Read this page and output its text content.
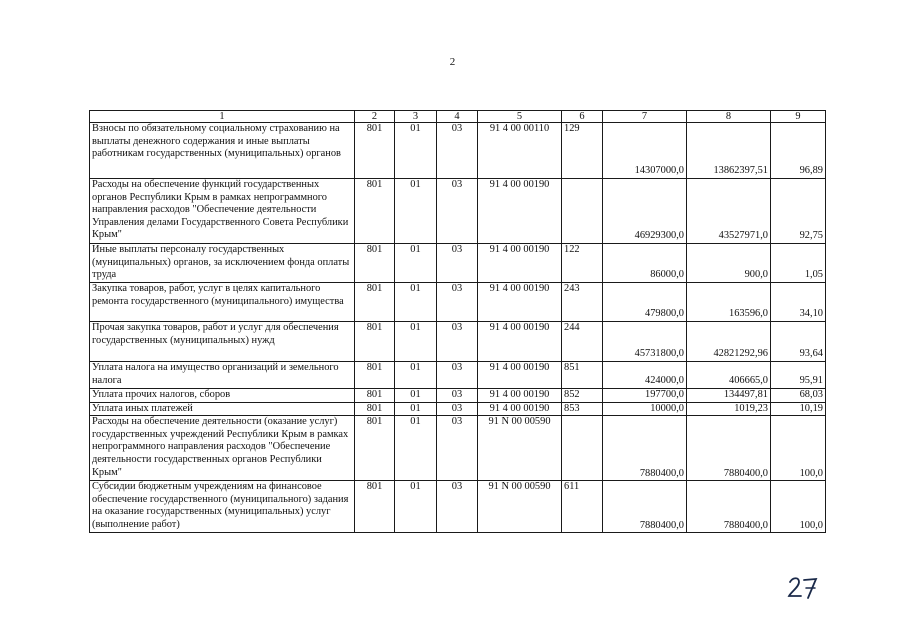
2
1	2	3	4	5	6	7	8	9
Взносы по обязательному социальному страхованию на выплаты денежного содержания и иные выплаты работникам государственных (муниципальных) органов	801	01	03	91 4 00 00110	129	14307000,0	13862397,51	96,89
Расходы на обеспечение функций государственных органов Республики Крым в рамках непрограммного направления расходов "Обеспечение деятельности Управления делами Государственного Совета Республики Крым"	801	01	03	91 4 00 00190		46929300,0	43527971,0	92,75
Иные выплаты персоналу государственных (муниципальных) органов, за исключением фонда оплаты труда	801	01	03	91 4 00 00190	122	86000,0	900,0	1,05
Закупка товаров, работ, услуг в целях капитального ремонта государственного (муниципального) имущества	801	01	03	91 4 00 00190	243	479800,0	163596,0	34,10
Прочая закупка товаров, работ и услуг для обеспечения государственных (муниципальных) нужд	801	01	03	91 4 00 00190	244	45731800,0	42821292,96	93,64
Уплата налога на имущество организаций и земельного налога	801	01	03	91 4 00 00190	851	424000,0	406665,0	95,91
Уплата прочих налогов, сборов	801	01	03	91 4 00 00190	852	197700,0	134497,81	68,03
Уплата иных платежей	801	01	03	91 4 00 00190	853	10000,0	1019,23	10,19
Расходы на обеспечение деятельности (оказание услуг) государственных учреждений Республики Крым в рамках непрограммного направления расходов "Обеспечение деятельности государственных органов Республики Крым"	801	01	03	91 N 00 00590		7880400,0	7880400,0	100,0
Субсидии бюджетным учреждениям на финансовое обеспечение государственного (муниципального) задания на оказание государственных (муниципальных) услуг (выполнение работ)	801	01	03	91 N 00 00590	611	7880400,0	7880400,0	100,0
